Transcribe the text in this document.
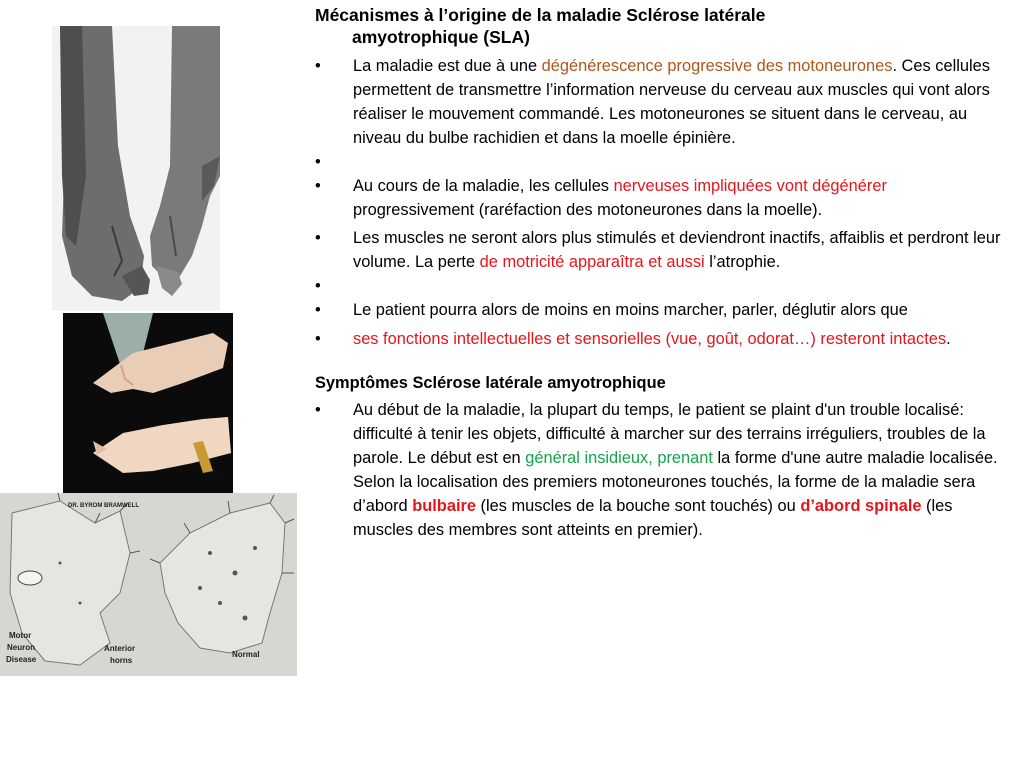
DR. BYROM BRAMWELL
Motor
Neuron
Disease
Anterior
horns
Normal
Mécanismes à l’origine de la maladie Sclérose latérale
amyotrophique (SLA)
• La maladie est due à une dégénérescence progressive des motoneurones. Ces cellules permettent de transmettre l’information nerveuse du cerveau aux muscles qui vont alors réaliser le mouvement commandé. Les motoneurones se situent dans le cerveau, au niveau du bulbe rachidien et dans la moelle épinière.
•
• Au cours de la maladie, les cellules nerveuses impliquées vont dégénérer progressivement (raréfaction des motoneurones dans la moelle).
• Les muscles ne seront alors plus stimulés et deviendront inactifs, affaiblis et perdront leur volume. La perte de motricité apparaîtra et aussi l’atrophie.
•
• Le patient pourra alors de moins en moins marcher, parler, déglutir alors que
• ses fonctions intellectuelles et sensorielles (vue, goût, odorat…) resteront intactes.
Symptômes Sclérose latérale amyotrophique
• Au début de la maladie, la plupart du temps, le patient se plaint d'un trouble localisé: difficulté à tenir les objets, difficulté à marcher sur des terrains irréguliers, troubles de la parole. Le début est en général insidieux, prenant la forme d'une autre maladie localisée.
Selon la localisation des premiers motoneurones touchés, la forme de la maladie sera d’abord bulbaire (les muscles de la bouche sont touchés) ou d’abord spinale (les muscles des membres sont atteints en premier).
